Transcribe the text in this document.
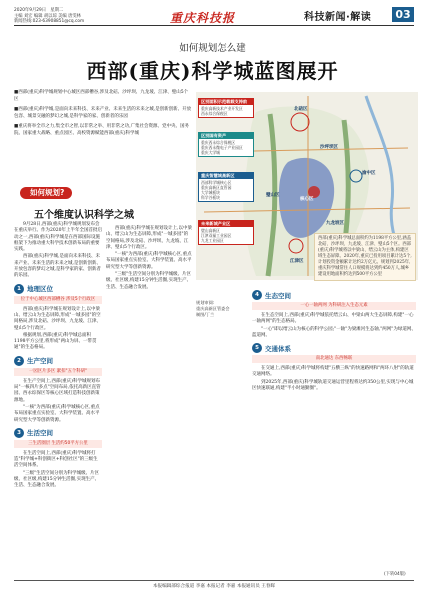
2020年9月29日　星期二
主编 刘宏 编辑 胡以琼 美编 唐雯林
新闻热线:023-63908851@cq.com	重庆科技报	科技新闻·解读	03
如何规划怎么建
西部(重庆)科学城蓝图展开

■西部(重庆)科学城规划中心城区西部槽谷,涉及北碚、沙坪坝、九龙坡、江津、璧山5个区

■西部(重庆)科学城,是面向未来科技、未来产业、未来生活的未来之城,是创新创新、开放包容、城景交融的梦幻之城,是科学家的家、创新者的乐园

■重庆将举全市之力,集全市之智,以非常之举、用非常之功,广集社会资源、党中央、国务院、国家重大战略、重点园区、高校资源赋能西部(重庆)科学城

如何规划?
五个维度认识科学之城
北碚区
沙坪坝区
璧山区
九龙坡区
江津区
核心区
渝中区
区别面积示范载载支持前
重庆高新技术产业开发区
西永综合保税区
区别国有资产
重庆西永综合保税区
重庆西永微电子产业园区
重庆大学城
重庆智慧城高新区
西部科学城核心区
重庆高新区直管园
大学城板块
科学谷板块
未来新城产业区
璧山高新区
江津双福工业园区
九龙工业园区	西部(重庆)科学城总面积约为1198平方公里,涵盖北碚、沙坪坝、九龙坡、江津、璧山5个区。西部(重庆)科学城将以中梁山、缙云山为主体,构建区域生态屏障。2020年,重庆已投用项目累计达5个,计划投资金额累计达约2万亿元。规划到2025年,重庆科学城常住人口规模将达到约450万人,城乡建设用地面积约达到500平方公里

9月28日,西部(重庆)科学城规划发布会在重庆举行。作为2020年上半年全国首批启动之一,西部(重庆)科学城是在西部国际设施框架下为推动重大科学技术创新布局的重要实践。

西部(重庆)科学城,是面向未来科技、未来产业、未来生活的未来之城,是创新创新、开放包容的梦幻之城,是科学家的家、创新者的乐园。

1 地理区位
位于中心城区西部槽谷 涉及5个行政区

西部(重庆)科学城在规划设计上,以中梁山、缙云山为生态屏障,形成"一城多园"的空间格局,涉及北碚、沙坪坝、九龙坡、江津、璧山5个行政区。

根据规划,西部(重庆)科学城总面积1198平方公里,将形成"两山为屏、一带贯通"的生态格局。

2 生产空间
一园区片多区 紧扣"五个科研"

在生产空间上,西部(重庆)科学城规划布局"一核四片多点"空间布局,依托高新区直管园、西永综保区等核心区域打造科技创新策源地。

"一核"为西部(重庆)科学城核心区,重点布局国家重点实验室、大科学装置、高水平研究型大学等创新资源。

3 生活空间
三生活圈层 生活约50平方公里

在生活空间上,西部(重庆)科学城将打造"科学城+科创街区+科创社区"的三级生活空间体系。

"三级"生活空间分别为科学城级、片区级、社区级,构建15分钟生活圈,实现生产、生活、生态融合发展。

西部(重庆)科学城在规划设计上,以中梁山、缙云山为生态屏障,形成"一城多园"的空间格局,涉及北碚、沙坪坝、九龙坡、江津、璧山5个行政区。

"一核"为西部(重庆)科学城核心区,重点布局国家重点实验室、大科学装置、高水平研究型大学等创新资源。

"三级"生活空间分别为科学城级、片区级、社区级,构建15分钟生活圈,实现生产、生活、生态融合发展。

规划审阅:
重庆高新区管委会
制图/丁兰
4 生态空间
一心一轴两网 为科研注入生态元素

在生态空间上,西部(重庆)科学城依托缙云山、中梁山两大生态屏障,构建"一心一轴两网"的生态格局。

"一心"即以缙云山为核心的科学公园;"一轴"为梁滩河生态轴,"两网"为绿道网、蓝道网。

5 交通体系
南北通达 东西畅联

在交通上,西部(重庆)科学城将构建"五横三纵"的快速路网和"两环八射"的轨道交通网络。

到2025年,西部(重庆)科学城轨道交通运营里程将达约350公里,实现与中心城区快速联通,构建"半小时通勤圈"。

(下转04版)
本报编辑部综合报道 李嘉 本报记者 李嘉 本报通讯员 王春晖
